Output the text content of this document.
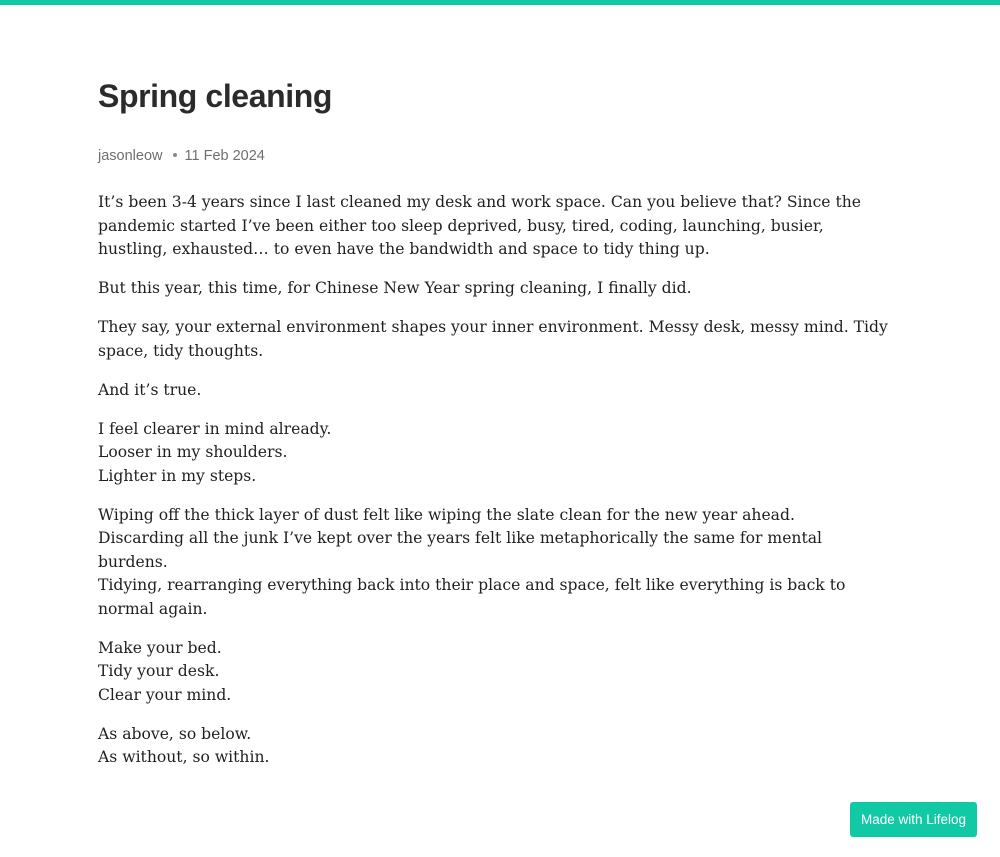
Spring cleaning
jasonleow 11 Feb 2024

It’s been 3-4 years since I last cleaned my desk and work space. Can you believe that? Since the pandemic started I’ve been either too sleep deprived, busy, tired, coding, launching, busier, hustling, exhausted… to even have the bandwidth and space to tidy thing up.

But this year, this time, for Chinese New Year spring cleaning, I finally did.

They say, your external environment shapes your inner environment. Messy desk, messy mind. Tidy space, tidy thoughts.

And it’s true.

I feel clearer in mind already.
Looser in my shoulders.
Lighter in my steps.

Wiping off the thick layer of dust felt like wiping the slate clean for the new year ahead.
Discarding all the junk I’ve kept over the years felt like metaphorically the same for mental burdens.
Tidying, rearranging everything back into their place and space, felt like everything is back to normal again.

Make your bed.
Tidy your desk.
Clear your mind.

As above, so below.
As without, so within.

Made with Lifelog
